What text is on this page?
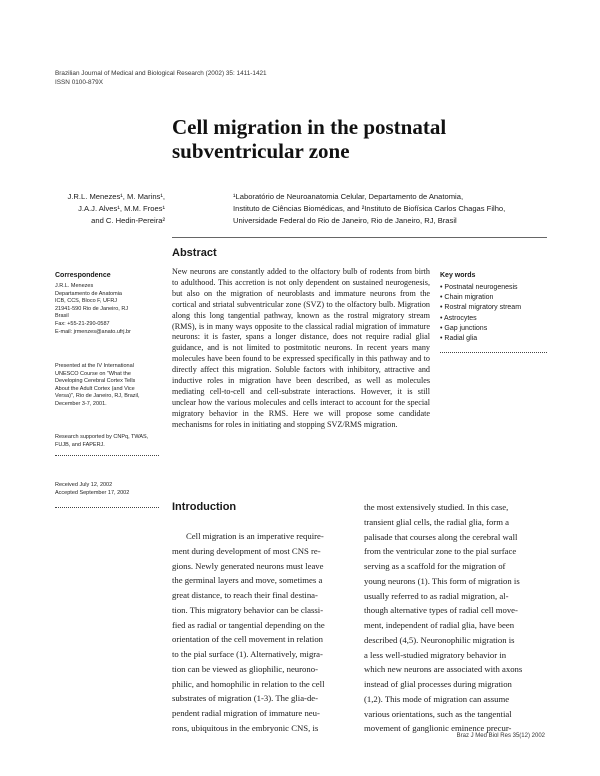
Brazilian Journal of Medical and Biological Research (2002) 35: 1411-1421
ISSN 0100-879X
Cell migration in the postnatal
subventricular zone
J.R.L. Menezes¹, M. Marins¹,
J.A.J. Alves¹, M.M. Froes¹
and C. Hedin-Pereira²
¹Laboratório de Neuroanatomia Celular, Departamento de Anatomia,
Instituto de Ciências Biomédicas, and ²Instituto de Biofísica Carlos Chagas Filho,
Universidade Federal do Rio de Janeiro, Rio de Janeiro, RJ, Brasil
Abstract

New neurons are constantly added to the olfactory bulb of rodents from birth to adulthood. This accretion is not only dependent on sustained neurogenesis, but also on the migration of neuroblasts and immature neurons from the cortical and striatal subventricular zone (SVZ) to the olfactory bulb. Migration along this long tangential pathway, known as the rostral migratory stream (RMS), is in many ways opposite to the classical radial migration of immature neurons: it is faster, spans a longer distance, does not require radial glial guidance, and is not limited to postmitotic neurons. In recent years many molecules have been found to be expressed specifically in this pathway and to directly affect this migration. Soluble factors with inhibitory, attractive and inductive roles in migration have been described, as well as molecules mediating cell-to-cell and cell-substrate interactions. However, it is still unclear how the various molecules and cells interact to account for the special migratory behavior in the RMS. Here we will propose some candidate mechanisms for roles in initiating and stopping SVZ/RMS migration.

Key words
• Postnatal neurogenesis
• Chain migration
• Rostral migratory stream
• Astrocytes
• Gap junctions
• Radial glia
Correspondence
J.R.L. Menezes
Departamento de Anatomia
ICB, CCS, Bloco F, UFRJ
21941-590 Rio de Janeiro, RJ
Brasil
Fax: +55-21-290-0587
E-mail: jrmenzes@anato.ufrj.br
Presented at the IV International
UNESCO Course on "What the
Developing Cerebral Cortex Tells
About the Adult Cortex (and Vice
Versa)", Rio de Janeiro, RJ, Brazil,
December 3-7, 2001.
Research supported by CNPq, TWAS,
FUJB, and FAPERJ.
Received July 12, 2002
Accepted September 17, 2002
Introduction
Cell migration is an imperative require-
ment during development of most CNS re-
gions. Newly generated neurons must leave
the germinal layers and move, sometimes a
great distance, to reach their final destina-
tion. This migratory behavior can be classi-
fied as radial or tangential depending on the
orientation of the cell movement in relation
to the pial surface (1). Alternatively, migra-
tion can be viewed as gliophilic, neurono-
philic, and homophilic in relation to the cell
substrates of migration (1-3). The glia-de-
pendent radial migration of immature neu-
rons, ubiquitous in the embryonic CNS, is
the most extensively studied. In this case,
transient glial cells, the radial glia, form a
palisade that courses along the cerebral wall
from the ventricular zone to the pial surface
serving as a scaffold for the migration of
young neurons (1). This form of migration is
usually referred to as radial migration, al-
though alternative types of radial cell move-
ment, independent of radial glia, have been
described (4,5). Neuronophilic migration is
a less well-studied migratory behavior in
which new neurons are associated with axons
instead of glial processes during migration
(1,2). This mode of migration can assume
various orientations, such as the tangential
movement of ganglionic eminence precur-
Braz J Med Biol Res 35(12) 2002
